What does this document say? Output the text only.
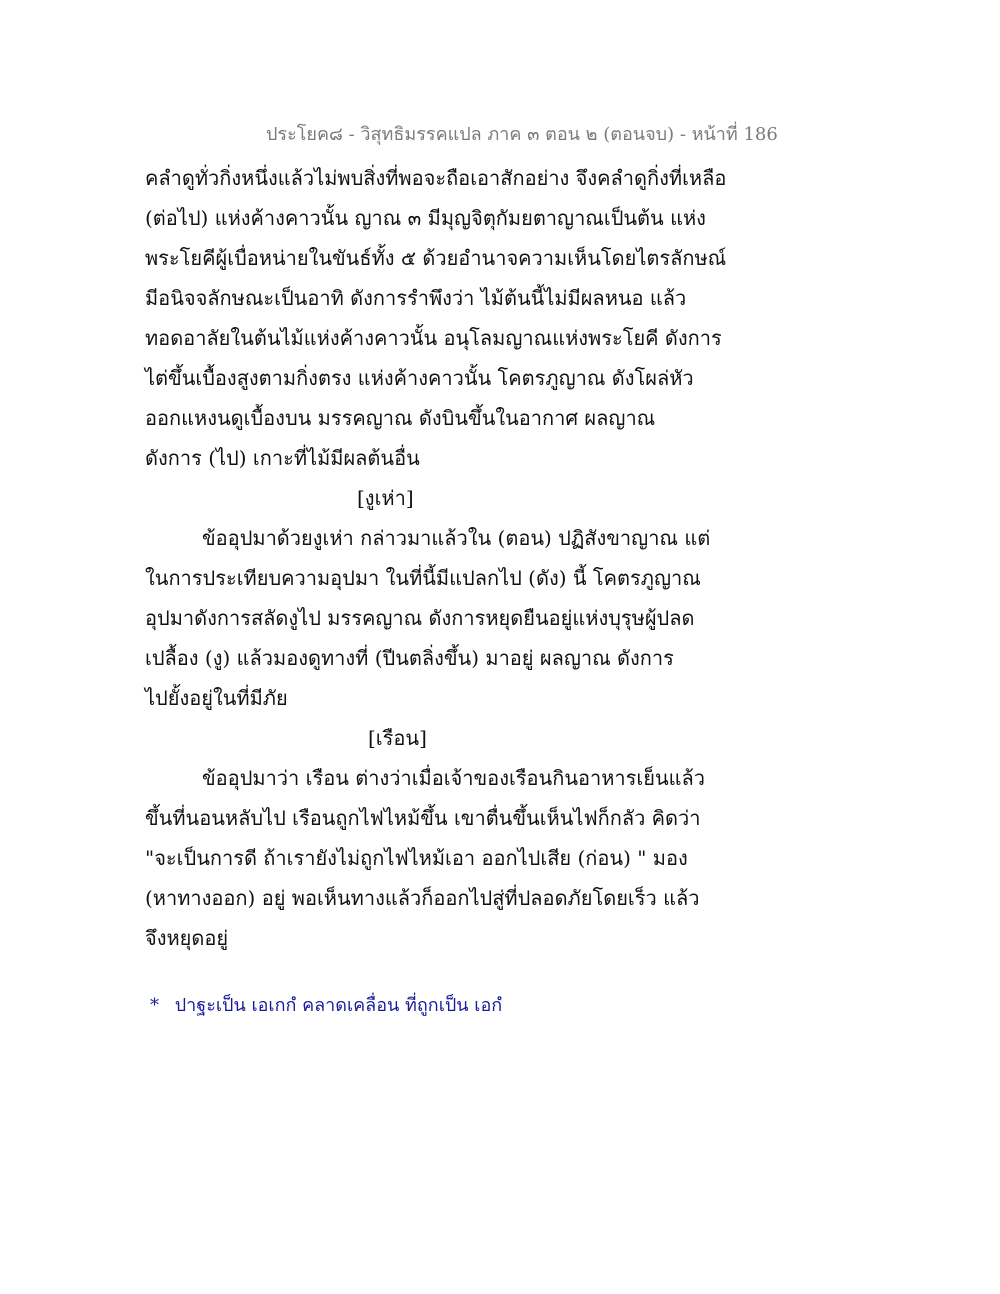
ประโยค๘ - วิสุทธิมรรคแปล ภาค ๓ ตอน ๒ (ตอนจบ) - หน้าที่ 186
คลำดูทั่วกิ่งหนึ่งแล้วไม่พบสิ่งที่พอจะถือเอาสักอย่าง จึงคลำดูกิ่งที่เหลือ
(ต่อไป) แห่งค้างคาวนั้น ญาณ ๓ มีมุญจิตุกัมยตาญาณเป็นต้น แห่ง
พระโยคีผู้เบื่อหน่ายในขันธ์ทั้ง ๕ ด้วยอำนาจความเห็นโดยไตรลักษณ์
มีอนิจจลักษณะเป็นอาทิ ดังการรำพึงว่า ไม้ต้นนี้ไม่มีผลหนอ แล้ว
ทอดอาลัยในต้นไม้แห่งค้างคาวนั้น อนุโลมญาณแห่งพระโยคี ดังการ
ไต่ขึ้นเบื้องสูงตามกิ่งตรง แห่งค้างคาวนั้น โคตรภูญาณ ดังโผล่หัว
ออกแหงนดูเบื้องบน มรรคญาณ ดังบินขึ้นในอากาศ ผลญาณ
ดังการ (ไป) เกาะที่ไม้มีผลต้นอื่น
[งูเห่า]
ข้ออุปมาด้วยงูเห่า กล่าวมาแล้วใน (ตอน) ปฏิสังขาญาณ แต่
ในการประเทียบความอุปมา ในที่นี้มีแปลกไป (ดัง) นี้ โคตรภูญาณ
อุปมาดังการสลัดงูไป มรรคญาณ ดังการหยุดยืนอยู่แห่งบุรุษผู้ปลด
เปลื้อง (งู) แล้วมองดูทางที่ (ปีนตลิ่งขึ้น) มาอยู่ ผลญาณ ดังการ
ไปยั้งอยู่ในที่มีภัย
[เรือน]
ข้ออุปมาว่า เรือน ต่างว่าเมื่อเจ้าของเรือนกินอาหารเย็นแล้ว
ขึ้นที่นอนหลับไป เรือนถูกไฟไหม้ขึ้น เขาตื่นขึ้นเห็นไฟก็กลัว คิดว่า
"จะเป็นการดี ถ้าเรายังไม่ถูกไฟไหม้เอา ออกไปเสีย (ก่อน) " มอง
(หาทางออก) อยู่ พอเห็นทางแล้วก็ออกไปสู่ที่ปลอดภัยโดยเร็ว แล้ว
จึงหยุดอยู่
* ปาฐะเป็น เอเกกํ คลาดเคลื่อน ที่ถูกเป็น เอกํ
